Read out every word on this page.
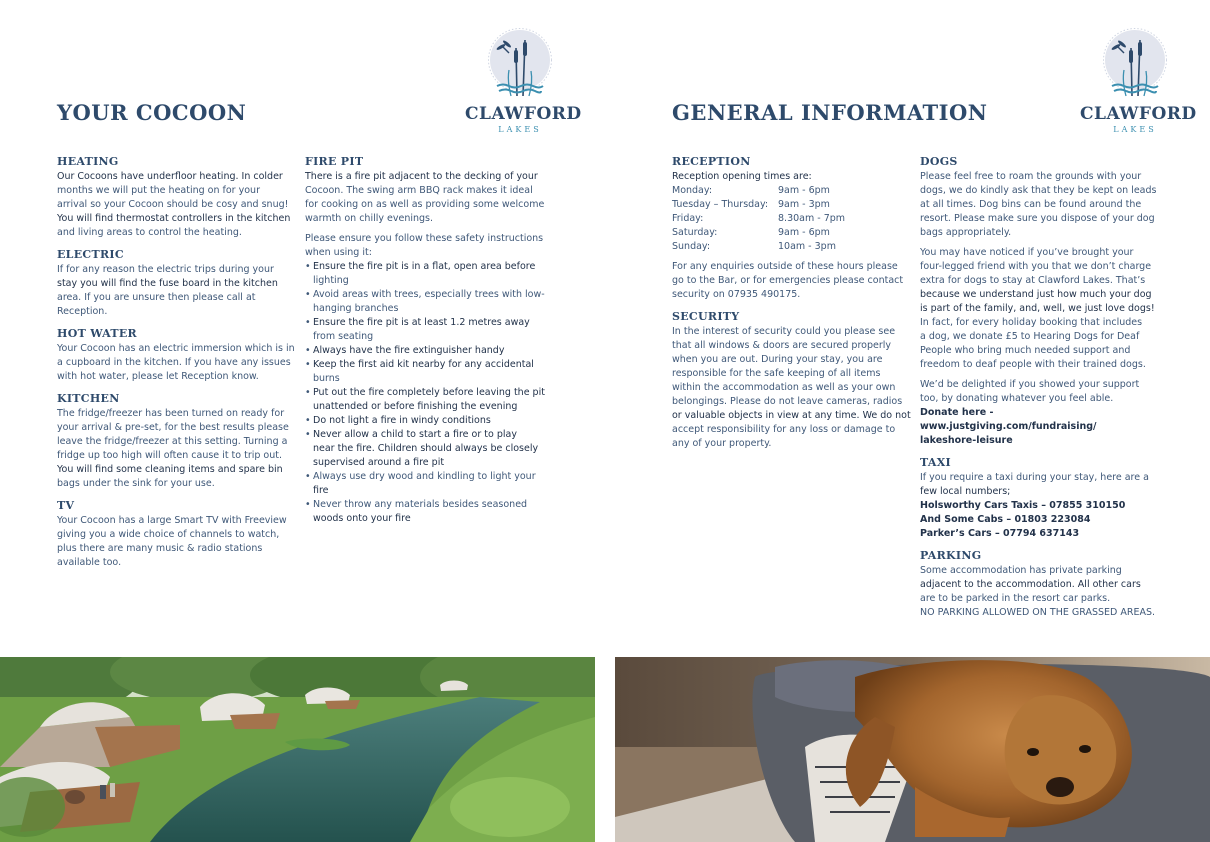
CLAWFORD
LAKES
YOUR COCOON
HEATING
Our Cocoons have underfloor heating. In colder
months we will put the heating on for your
arrival so your Cocoon should be cosy and snug!
You will find thermostat controllers in the kitchen
and living areas to control the heating.
ELECTRIC
If for any reason the electric trips during your
stay you will find the fuse board in the kitchen
area. If you are unsure then please call at
Reception.
HOT WATER
Your Cocoon has an electric immersion which is in
a cupboard in the kitchen. If you have any issues
with hot water, please let Reception know.
KITCHEN
The fridge/freezer has been turned on ready for
your arrival & pre-set, for the best results please
leave the fridge/freezer at this setting. Turning a
fridge up too high will often cause it to trip out.
You will find some cleaning items and spare bin
bags under the sink for your use.
TV
Your Cocoon has a large Smart TV with Freeview
giving you a wide choice of channels to watch,
plus there are many music & radio stations
available too.
FIRE PIT
There is a fire pit adjacent to the decking of your
Cocoon. The swing arm BBQ rack makes it ideal
for cooking on as well as providing some welcome
warmth on chilly evenings.
Please ensure you follow these safety instructions
when using it:
• Ensure the fire pit is in a flat, open area before
lighting
• Avoid areas with trees, especially trees with low-
hanging branches
• Ensure the fire pit is at least 1.2 metres away
from seating
• Always have the fire extinguisher handy
• Keep the first aid kit nearby for any accidental
burns
• Put out the fire completely before leaving the pit
unattended or before finishing the evening
• Do not light a fire in windy conditions
• Never allow a child to start a fire or to play
near the fire. Children should always be closely
supervised around a fire pit
• Always use dry wood and kindling to light your
fire
• Never throw any materials besides seasoned
woods onto your fire
CLAWFORD
LAKES
GENERAL INFORMATION
RECEPTION
Reception opening times are:
Monday:	9am - 6pm
Tuesday – Thursday:	9am - 3pm
Friday:	8.30am - 7pm
Saturday:	9am - 6pm
Sunday:	10am - 3pm
For any enquiries outside of these hours please
go to the Bar, or for emergencies please contact
security on 07935 490175.
SECURITY
In the interest of security could you please see
that all windows & doors are secured properly
when you are out. During your stay, you are
responsible for the safe keeping of all items
within the accommodation as well as your own
belongings. Please do not leave cameras, radios
or valuable objects in view at any time. We do not
accept responsibility for any loss or damage to
any of your property.
DOGS
Please feel free to roam the grounds with your
dogs, we do kindly ask that they be kept on leads
at all times. Dog bins can be found around the
resort. Please make sure you dispose of your dog
bags appropriately.
You may have noticed if you’ve brought your
four-legged friend with you that we don’t charge
extra for dogs to stay at Clawford Lakes. That’s
because we understand just how much your dog
is part of the family, and, well, we just love dogs!
In fact, for every holiday booking that includes
a dog, we donate £5 to Hearing Dogs for Deaf
People who bring much needed support and
freedom to deaf people with their trained dogs.
We’d be delighted if you showed your support
too, by donating whatever you feel able.
Donate here - www.justgiving.com/fundraising/
lakeshore-leisure
TAXI
If you require a taxi during your stay, here are a
few local numbers;
Holsworthy Cars Taxis – 07855 310150
And Some Cabs – 01803 223084
Parker’s Cars – 07794 637143
PARKING
Some accommodation has private parking
adjacent to the accommodation. All other cars
are to be parked in the resort car parks.
NO PARKING ALLOWED ON THE GRASSED AREAS.
